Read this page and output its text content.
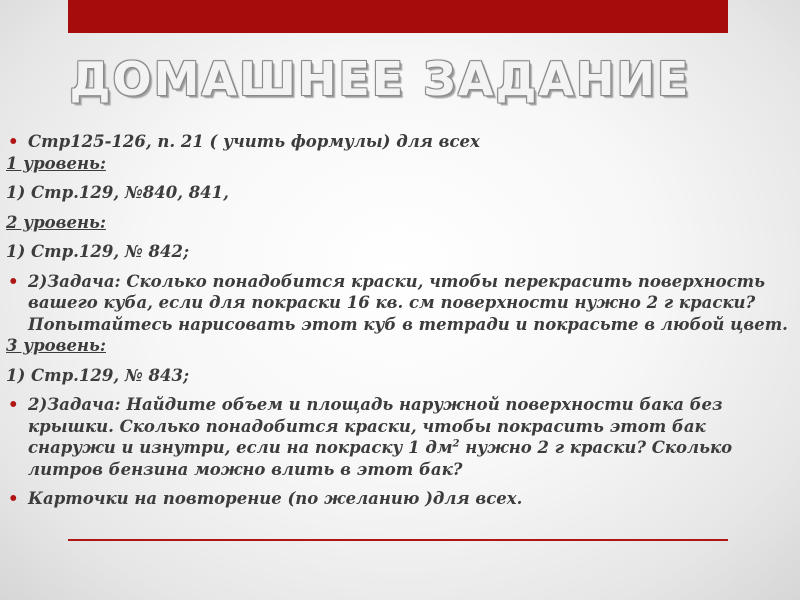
ДОМАШНЕЕ ЗАДАНИЕ
• Стр125-126, п. 21 ( учить формулы) для всех
1 уровень:
1) Стр.129, №840, 841,
2 уровень:
1) Стр.129, № 842;
• 2)Задача: Сколько понадобится краски, чтобы перекрасить поверхность
вашего куба, если для покраски 16 кв. см поверхности нужно 2 г краски?
Попытайтесь нарисовать этот куб в тетради и покрасьте в любой цвет.
3 уровень:
1) Стр.129, № 843;
• 2)Задача: Найдите объем и площадь наружной поверхности бака без
крышки. Сколько понадобится краски, чтобы покрасить этот бак
снаружи и изнутри, если на покраску 1 $дм^2$ нужно 2 г краски? Сколько
литров бензина можно влить в этот бак?
• Карточки на повторение (по желанию )для всех.
